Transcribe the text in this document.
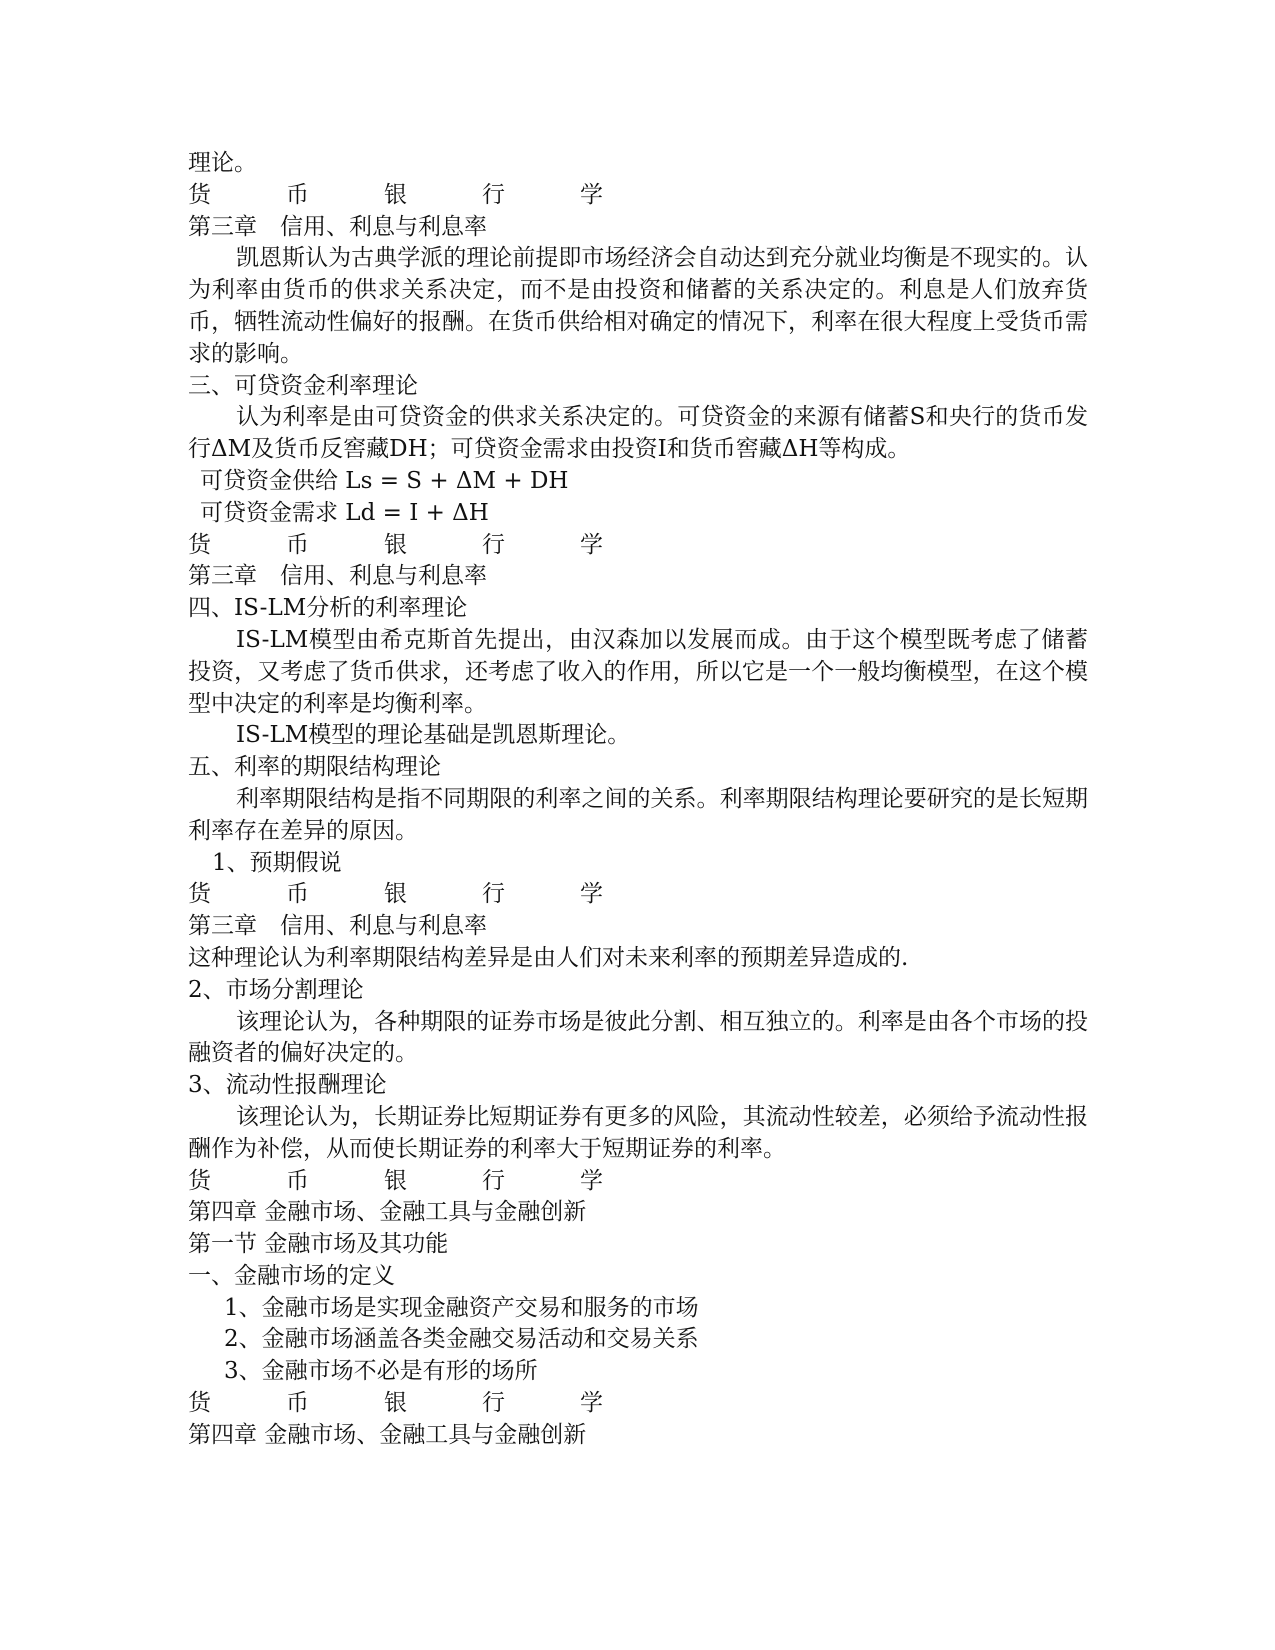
理论。
货	币	银	行	学
第三章　信用、利息与利息率

凯恩斯认为古典学派的理论前提即市场经济会自动达到充分就业均衡是不现实的。认为利率由货币的供求关系决定，而不是由投资和储蓄的关系决定的。利息是人们放弃货币，牺牲流动性偏好的报酬。在货币供给相对确定的情况下，利率在很大程度上受货币需求的影响。

三、可贷资金利率理论

认为利率是由可贷资金的供求关系决定的。可贷资金的来源有储蓄S和央行的货币发行ΔM及货币反窖藏DH；可贷资金需求由投资I和货币窖藏ΔH等构成。

可贷资金供给 Ls = S + ΔM + DH
可贷资金需求 Ld = I + ΔH
货	币	银	行	学
第三章　信用、利息与利息率
四、IS-LM分析的利率理论

IS-LM模型由希克斯首先提出，由汉森加以发展而成。由于这个模型既考虑了储蓄投资，又考虑了货币供求，还考虑了收入的作用，所以它是一个一般均衡模型，在这个模型中决定的利率是均衡利率。

IS-LM模型的理论基础是凯恩斯理论。

五、利率的期限结构理论

利率期限结构是指不同期限的利率之间的关系。利率期限结构理论要研究的是长短期利率存在差异的原因。

1、预期假说
货	币	银	行	学
第三章　信用、利息与利息率
这种理论认为利率期限结构差异是由人们对未来利率的预期差异造成的.
2、市场分割理论

该理论认为，各种期限的证券市场是彼此分割、相互独立的。利率是由各个市场的投融资者的偏好决定的。

3、流动性报酬理论

该理论认为，长期证券比短期证券有更多的风险，其流动性较差，必须给予流动性报酬作为补偿，从而使长期证券的利率大于短期证券的利率。

货	币	银	行	学
第四章 金融市场、金融工具与金融创新
第一节 金融市场及其功能
一、金融市场的定义
1、金融市场是实现金融资产交易和服务的市场
2、金融市场涵盖各类金融交易活动和交易关系
3、金融市场不必是有形的场所
货	币	银	行	学
第四章 金融市场、金融工具与金融创新
